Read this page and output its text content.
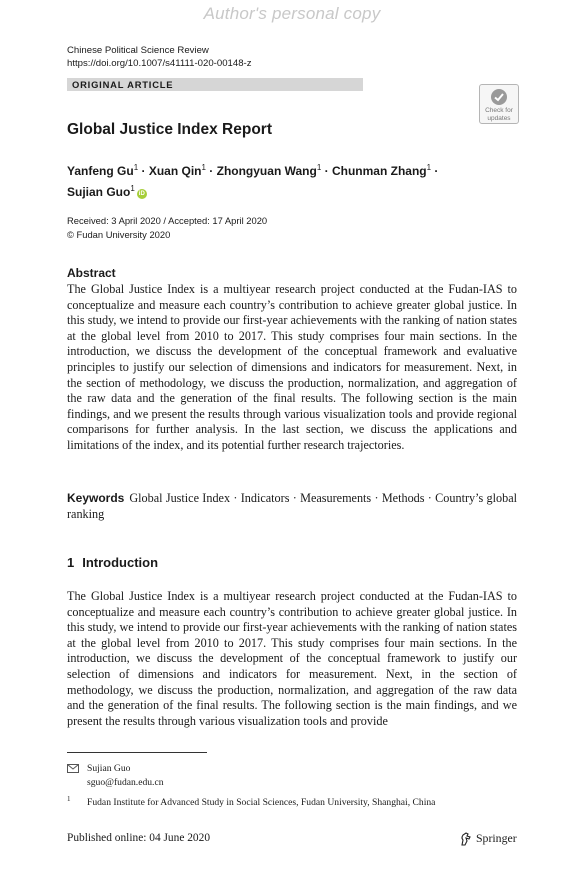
Author's personal copy
Chinese Political Science Review
https://doi.org/10.1007/s41111-020-00148-z
ORIGINAL ARTICLE
Check for
updates
Global Justice Index Report
Yanfeng $Gu^1$ · Xuan Qin$^1$ · Zhongyuan Wang$^1$ · Chunman Zhang$^1$ ·
Sujian Guo$^1$iD
Received: 3 April 2020 / Accepted: 17 April 2020
© Fudan University 2020
Abstract
The Global Justice Index is a multiyear research project conducted at the Fudan-IAS to conceptualize and measure each country’s contribution to achieve greater global justice. In this study, we intend to provide our first-year achievements with the ranking of nation states at the global level from 2010 to 2017. This study comprises four main sections. In the introduction, we discuss the development of the conceptual framework and evaluative principles to justify our selection of dimensions and indicators for measurement. Next, in the section of methodology, we discuss the production, normalization, and aggregation of the raw data and the generation of the final results. The following section is the main findings, and we present the results through various visualization tools and provide regional comparisons for further analysis. In the last section, we discuss the applications and limitations of the index, and its potential further research trajectories.
Keywords Global Justice Index · Indicators · Measurements · Methods · Country’s global ranking
1 Introduction
The Global Justice Index is a multiyear research project conducted at the Fudan-IAS to conceptualize and measure each country’s contribution to achieve greater global justice. In this study, we intend to provide our first-year achievements with the ranking of nation states at the global level from 2010 to 2017. This study comprises four main sections. In the introduction, we discuss the development of the conceptual framework to justify our selection of dimensions and indicators for measurement. Next, in the section of methodology, we discuss the production, normalization, and aggregation of the raw data and the generation of the final results. The following section is the main findings, and we present the results through various visualization tools and provide
Sujian Guo
sguo@fudan.edu.cn
1 Fudan Institute for Advanced Study in Social Sciences, Fudan University, Shanghai, China
Published online: 04 June 2020	Springer
